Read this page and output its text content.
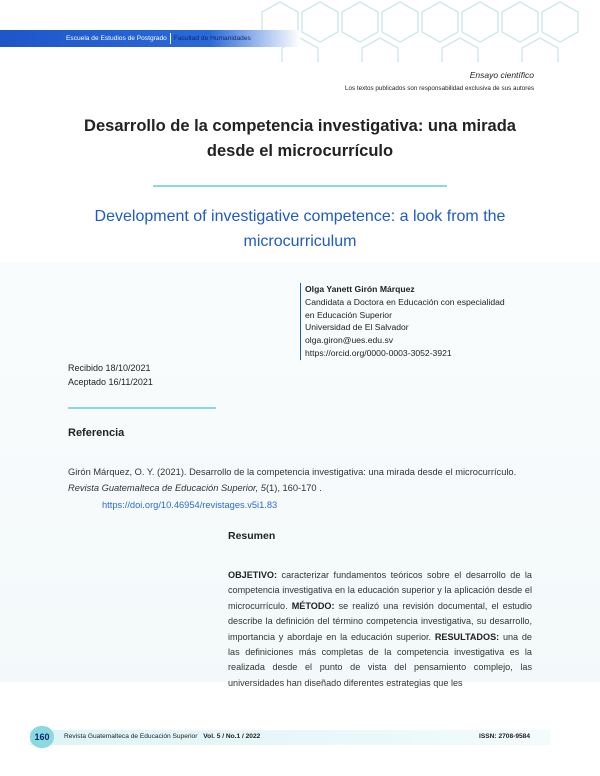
Escuela de Estudios de Postgrado Facultad de Humanidades
Ensayo científico
Los textos publicados son responsabilidad exclusiva de sus autores
Desarrollo de la competencia investigativa: una mirada desde el microcurrículo
Development of investigative competence: a look from the microcurriculum
Olga Yanett Girón Márquez
Candidata a Doctora en Educación con especialidad
en Educación Superior
Universidad de El Salvador
olga.giron@ues.edu.sv
https://orcid.org/0000-0003-3052-3921
Recibido 18/10/2021
Aceptado 16/11/2021
Referencia
Girón Márquez, O. Y. (2021). Desarrollo de la competencia investigativa: una mirada desde el microcurrículo. Revista Guatemalteca de Educación Superior, 5(1), 160-170 .
https://doi.org/10.46954/revistages.v5i1.83
Resumen
OBJETIVO: caracterizar fundamentos teóricos sobre el desarrollo de la competencia investigativa en la educación superior y la aplicación desde el microcurrículo. MÉTODO: se realizó una revisión documental, el estudio describe la definición del término competencia investigativa, su desarrollo, importancia y abordaje en la educación superior. RESULTADOS: una de las definiciones más completas de la competencia investigativa es la realizada desde el punto de vista del pensamiento complejo, las universidades han diseñado diferentes estrategias que les
160	Revista Guatemalteca de Educación Superior Vol. 5 / No.1 / 2022	ISSN: 2708-9584
